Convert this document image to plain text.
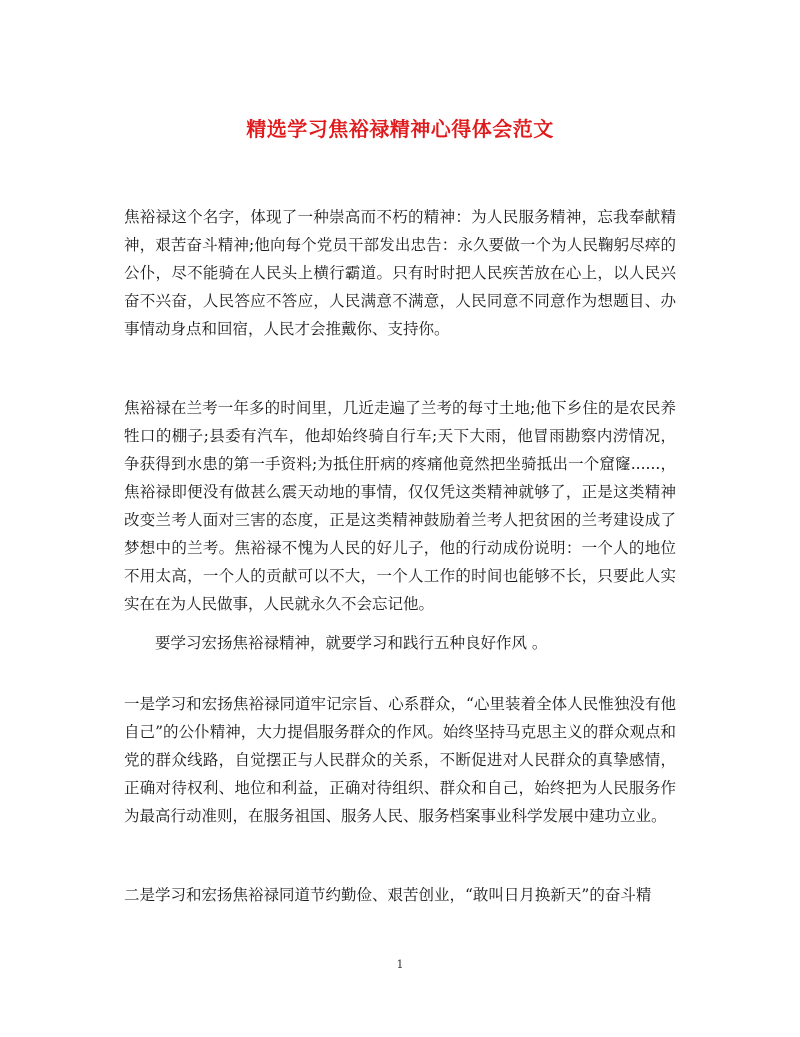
精选学习焦裕禄精神心得体会范文

焦裕禄这个名字，体现了一种崇高而不朽的精神：为人民服务精神，忘我奉献精神，艰苦奋斗精神;他向每个党员干部发出忠告：永久要做一个为人民鞠躬尽瘁的公仆，尽不能骑在人民头上横行霸道。只有时时把人民疾苦放在心上，以人民兴奋不兴奋，人民答应不答应，人民满意不满意，人民同意不同意作为想题目、办事情动身点和回宿，人民才会推戴你、支持你。

焦裕禄在兰考一年多的时间里，几近走遍了兰考的每寸土地;他下乡住的是农民养牲口的棚子;县委有汽车，他却始终骑自行车;天下大雨，他冒雨勘察内涝情况，争获得到水患的第一手资料;为抵住肝病的疼痛他竟然把坐骑抵出一个窟窿......，焦裕禄即便没有做甚么震天动地的事情，仅仅凭这类精神就够了，正是这类精神改变兰考人面对三害的态度，正是这类精神鼓励着兰考人把贫困的兰考建设成了梦想中的兰考。焦裕禄不愧为人民的好儿子，他的行动成份说明：一个人的地位不用太高，一个人的贡献可以不大，一个人工作的时间也能够不长，只要此人实实在在为人民做事，人民就永久不会忘记他。

要学习宏扬焦裕禄精神，就要学习和践行五种良好作风 。

一是学习和宏扬焦裕禄同道牢记宗旨、心系群众，“心里装着全体人民惟独没有他自己”的公仆精神，大力提倡服务群众的作风。始终坚持马克思主义的群众观点和党的群众线路，自觉摆正与人民群众的关系，不断促进对人民群众的真挚感情，正确对待权利、地位和利益，正确对待组织、群众和自己，始终把为人民服务作为最高行动准则，在服务祖国、服务人民、服务档案事业科学发展中建功立业。

二是学习和宏扬焦裕禄同道节约勤俭、艰苦创业，“敢叫日月换新天”的奋斗精

1
